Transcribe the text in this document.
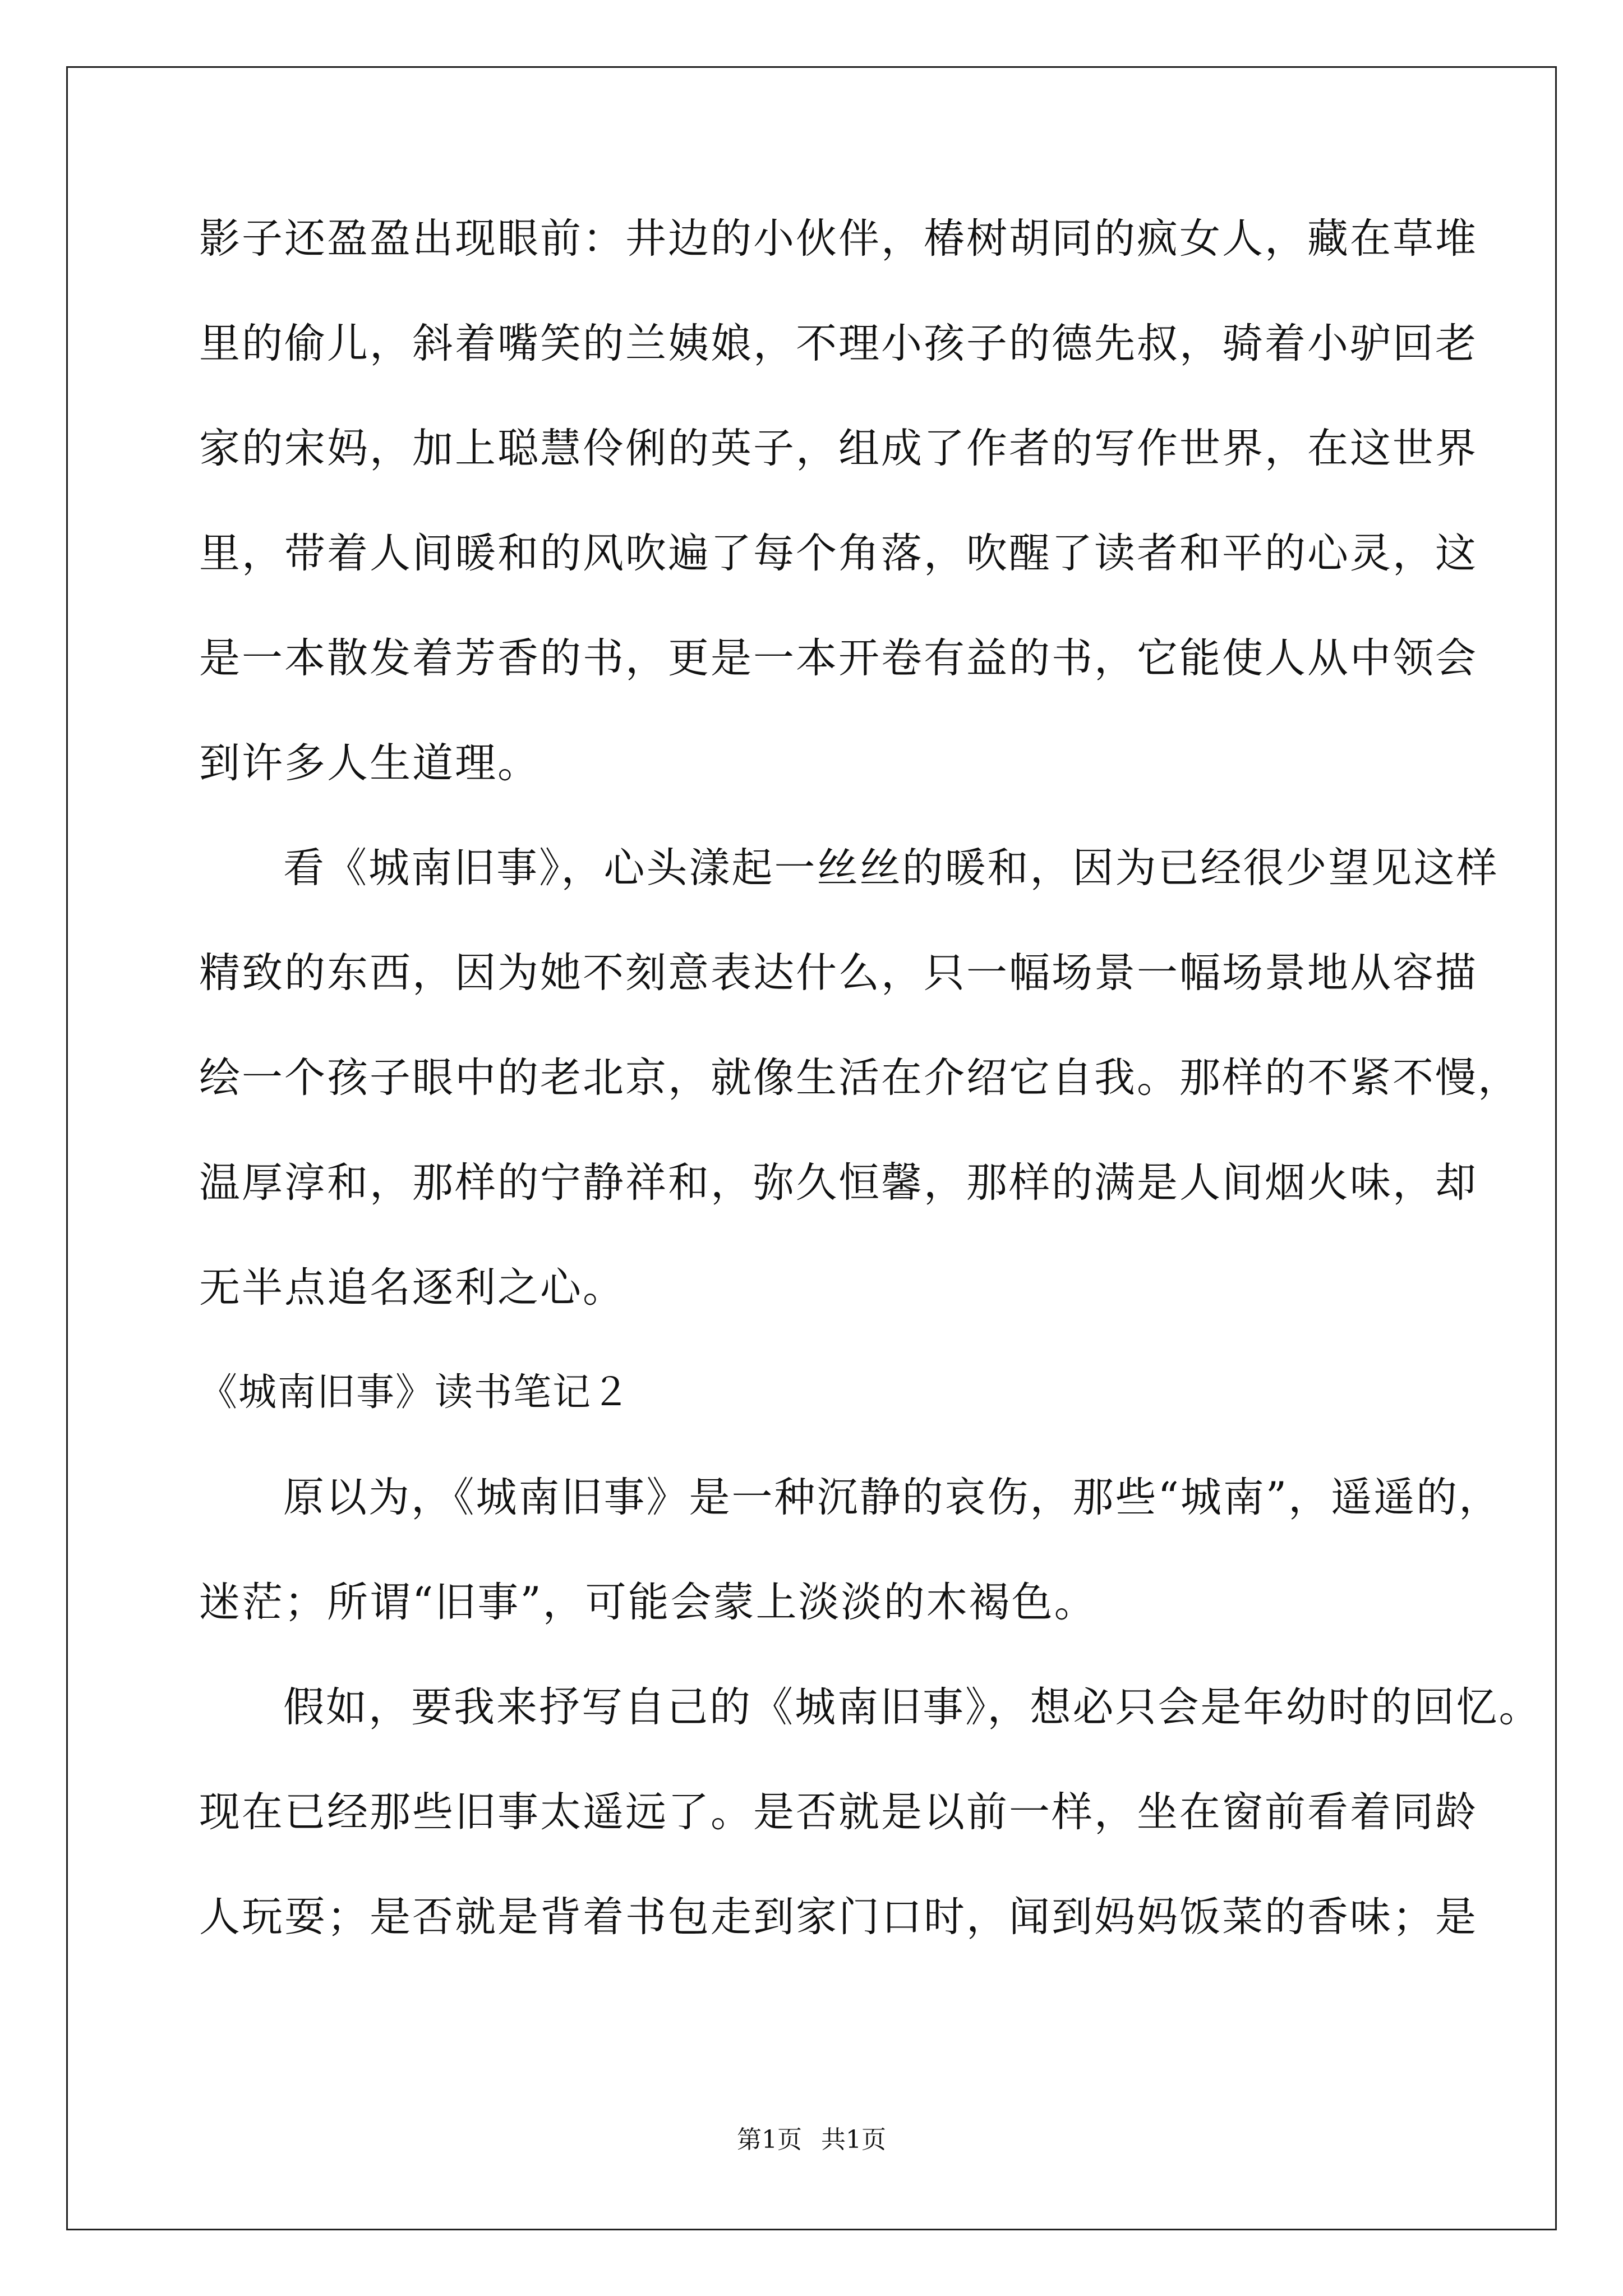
影子还盈盈出现眼前：井边的小伙伴，椿树胡同的疯女人，藏在草堆
里的偷儿，斜着嘴笑的兰姨娘，不理小孩子的德先叔，骑着小驴回老
家的宋妈，加上聪慧伶俐的英子，组成了作者的写作世界，在这世界
里，带着人间暖和的风吹遍了每个角落，吹醒了读者和平的心灵，这
是一本散发着芳香的书，更是一本开卷有益的书，它能使人从中领会
到许多人生道理。
看《城南旧事》，心头漾起一丝丝的暖和，因为已经很少望见这样
精致的东西，因为她不刻意表达什么，只一幅场景一幅场景地从容描
绘一个孩子眼中的老北京，就像生活在介绍它自我。那样的不紧不慢，
温厚淳和，那样的宁静祥和，弥久恒馨，那样的满是人间烟火味，却
无半点追名逐利之心。
《城南旧事》读书笔记２
原以为，《城南旧事》是一种沉静的哀伤，那些“城南”，遥遥的，
迷茫；所谓“旧事”，可能会蒙上淡淡的木褐色。
假如，要我来抒写自己的《城南旧事》，想必只会是年幼时的回忆。
现在已经那些旧事太遥远了。是否就是以前一样，坐在窗前看着同龄
人玩耍；是否就是背着书包走到家门口时，闻到妈妈饭菜的香味；是
第1页 共1页
